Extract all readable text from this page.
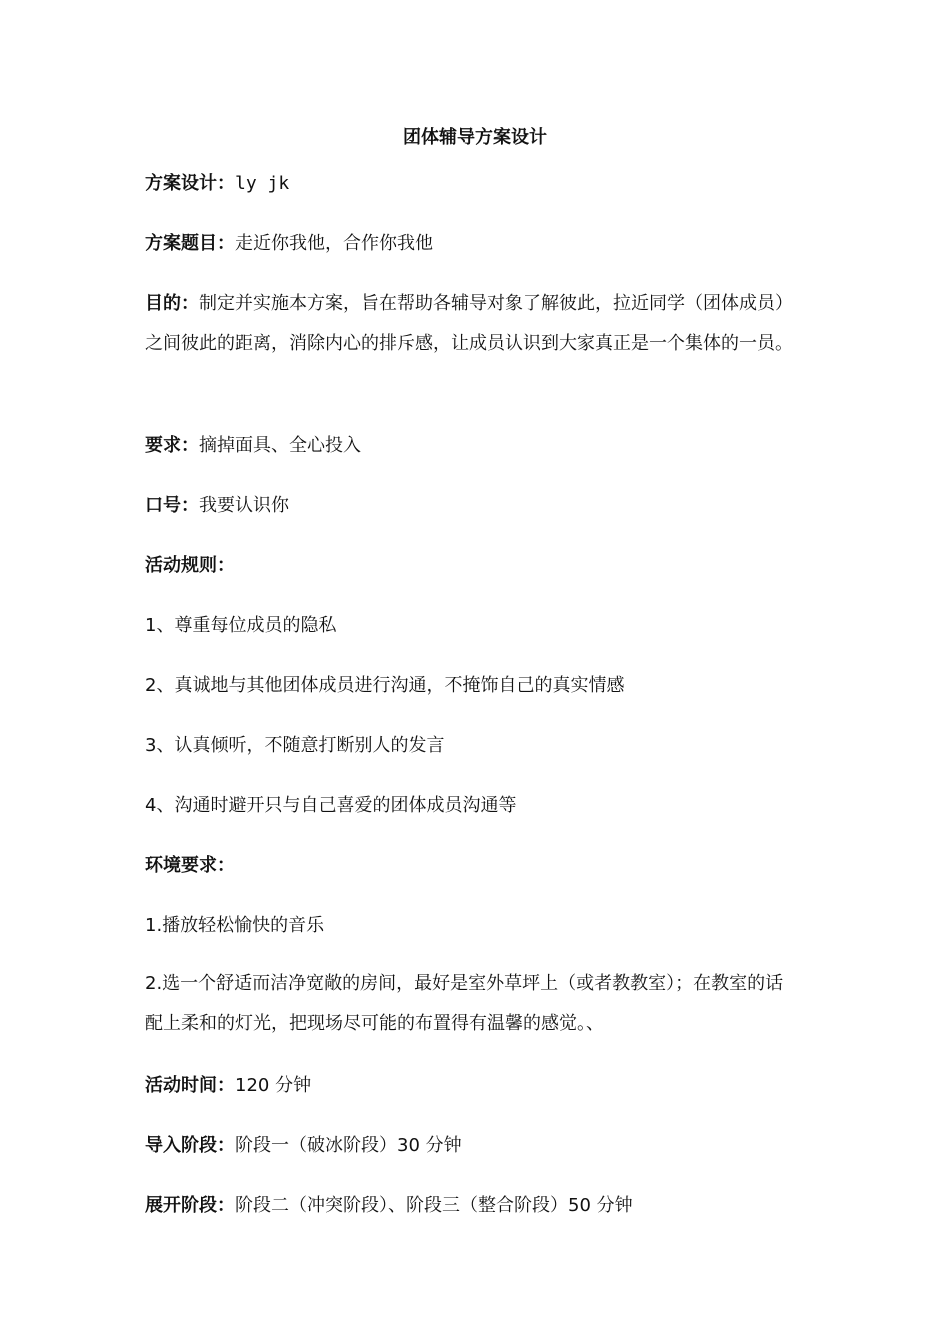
团体辅导方案设计
方案设计：ly jk
方案题目：走近你我他，合作你我他
目的：制定并实施本方案，旨在帮助各辅导对象了解彼此，拉近同学（团体成员）之间彼此的距离，消除内心的排斥感，让成员认识到大家真正是一个集体的一员。
要求：摘掉面具、全心投入
口号：我要认识你
活动规则：
1、尊重每位成员的隐私
2、真诚地与其他团体成员进行沟通，不掩饰自己的真实情感
3、认真倾听，不随意打断别人的发言
4、沟通时避开只与自己喜爱的团体成员沟通等
环境要求：
1.播放轻松愉快的音乐
2.选一个舒适而洁净宽敞的房间，最好是室外草坪上（或者教教室）；在教室的话配上柔和的灯光，把现场尽可能的布置得有温馨的感觉。、
活动时间：120 分钟
导入阶段：阶段一（破冰阶段）30 分钟
展开阶段：阶段二（冲突阶段）、阶段三（整合阶段）50 分钟
